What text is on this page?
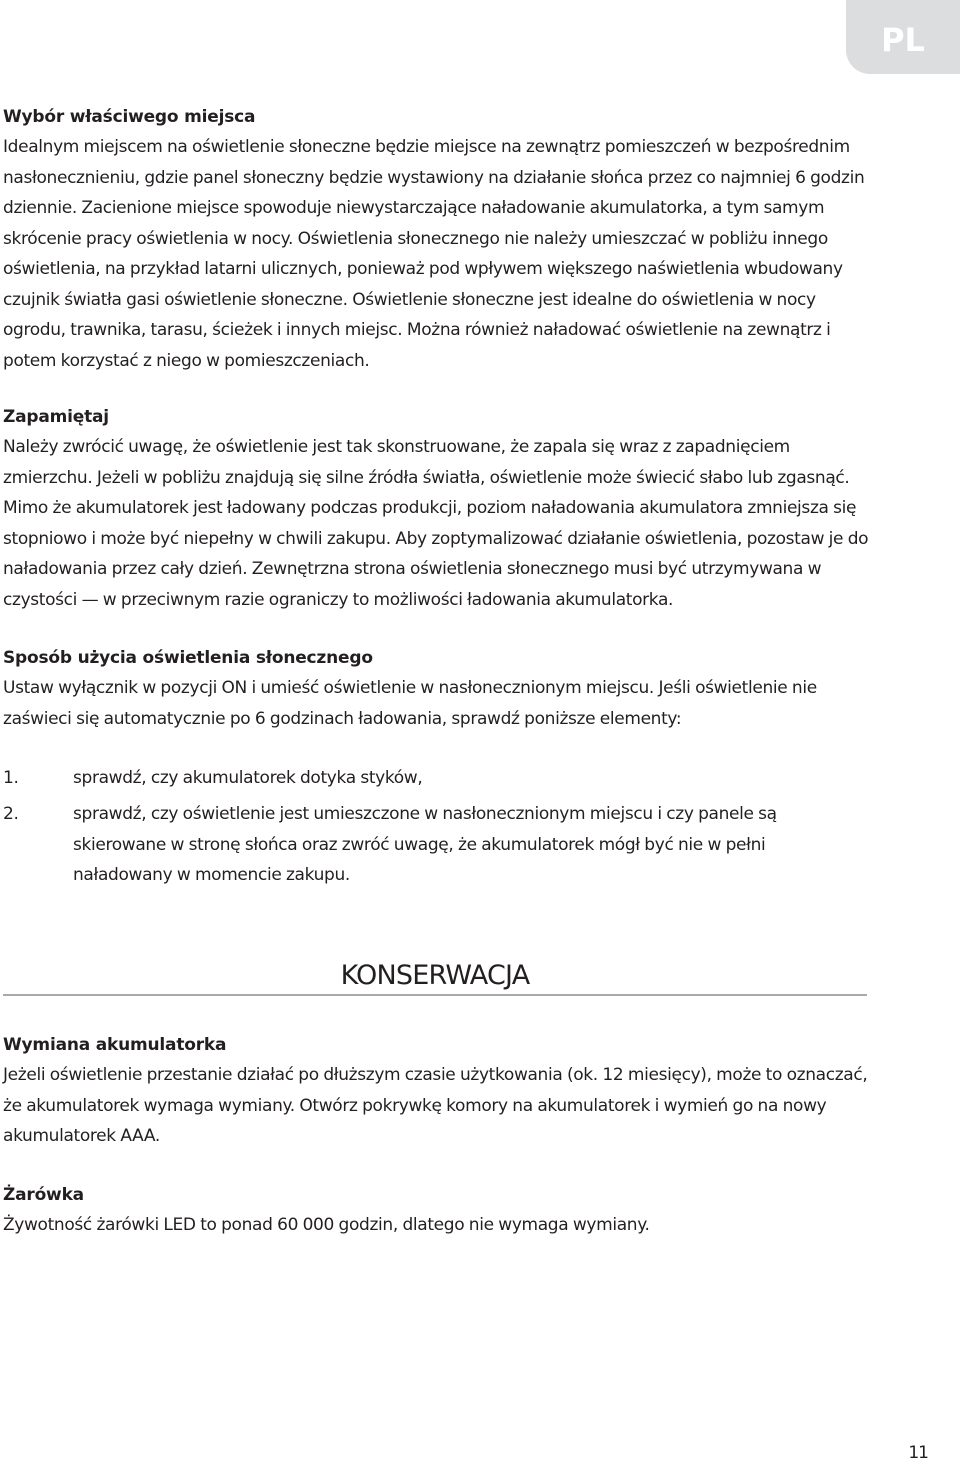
PL

Wybór właściwego miejsca

Idealnym miejscem na oświetlenie słoneczne będzie miejsce na zewnątrz pomieszczeń w bezpośrednim nasłonecznieniu, gdzie panel słoneczny będzie wystawiony na działanie słońca przez co najmniej 6 godzin dziennie. Zacienione miejsce spowoduje niewystarczające naładowanie akumulatorka, a tym samym skrócenie pracy oświetlenia w nocy. Oświetlenia słonecznego nie należy umieszczać w pobliżu innego oświetlenia, na przykład latarni ulicznych, ponieważ pod wpływem większego naświetlenia wbudowany czujnik światła gasi oświetlenie słoneczne. Oświetlenie słoneczne jest idealne do oświetlenia w nocy ogrodu, trawnika, tarasu, ścieżek i innych miejsc. Można również naładować oświetlenie na zewnątrz i potem korzystać z niego w pomieszczeniach.

Zapamiętaj

Należy zwrócić uwagę, że oświetlenie jest tak skonstruowane, że zapala się wraz z zapadnięciem zmierzchu. Jeżeli w pobliżu znajdują się silne źródła światła, oświetlenie może świecić słabo lub zgasnąć. Mimo że akumulatorek jest ładowany podczas produkcji, poziom naładowania akumulatora zmniejsza się stopniowo i może być niepełny w chwili zakupu. Aby zoptymalizować działanie oświetlenia, pozostaw je do naładowania przez cały dzień. Zewnętrzna strona oświetlenia słonecznego musi być utrzymywana w czystości — w przeciwnym razie ograniczy to możliwości ładowania akumulatorka.

Sposób użycia oświetlenia słonecznego

Ustaw wyłącznik w pozycji ON i umieść oświetlenie w nasłonecznionym miejscu. Jeśli oświetlenie nie zaświeci się automatycznie po 6 godzinach ładowania, sprawdź poniższe elementy:

1.	sprawdź, czy akumulatorek dotyka styków,
2.	sprawdź, czy oświetlenie jest umieszczone w nasłonecznionym miejscu i czy panele są skierowane w stronę słońca oraz zwróć uwagę, że akumulatorek mógł być nie w pełni naładowany w momencie zakupu.
KONSERWACJA

Wymiana akumulatorka

Jeżeli oświetlenie przestanie działać po dłuższym czasie użytkowania (ok. 12 miesięcy), może to oznaczać, że akumulatorek wymaga wymiany. Otwórz pokrywkę komory na akumulatorek i wymień go na nowy akumulatorek AAA.

Żarówka

Żywotność żarówki LED to ponad 60 000 godzin, dlatego nie wymaga wymiany.

11
